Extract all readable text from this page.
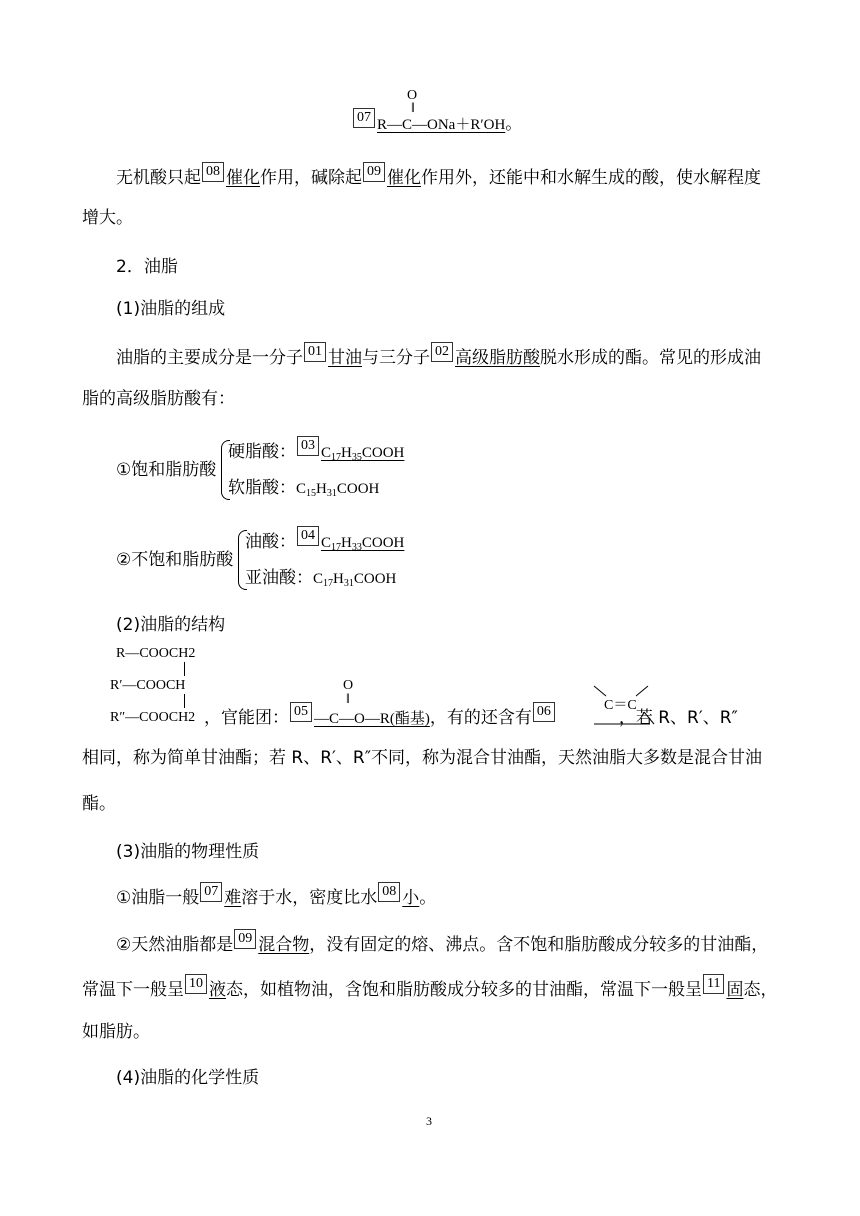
O
‖
07 R—C—ONa＋R′OH。
无机酸只起 08 催化作用，碱除起 09 催化作用外，还能中和水解生成的酸，使水解程度
增大。
2．油脂
(1)油脂的组成
油脂的主要成分是一分子 01 甘油与三分子 02 高级脂肪酸脱水形成的酯。常见的形成油
脂的高级脂肪酸有：
①饱和脂肪酸
硬脂酸： 03 $C_{17}H_{35}COOH$
软脂酸：$C_{15}H_{31}COOH$
②不饱和脂肪酸
油酸： 04 $C_{17}H_{33}COOH$
亚油酸：$C_{17}H_{31}COOH$
(2)油脂的结构
R—COOCH2
R′—COOCH
R″—COOCH2
O
‖	C＝C
，官能团： 05 —C—O—R(酯基)，有的还含有 06	，若 R、R′、R″
相同，称为简单甘油酯；若 R、R′、R″不同，称为混合甘油酯，天然油脂大多数是混合甘油
酯。
(3)油脂的物理性质
①油脂一般 07 难溶于水，密度比水 08 小。
②天然油脂都是 09 混合物，没有固定的熔、沸点。含不饱和脂肪酸成分较多的甘油酯，
常温下一般呈 10 液态，如植物油，含饱和脂肪酸成分较多的甘油酯，常温下一般呈 11 固态，
如脂肪。
(4)油脂的化学性质
3
